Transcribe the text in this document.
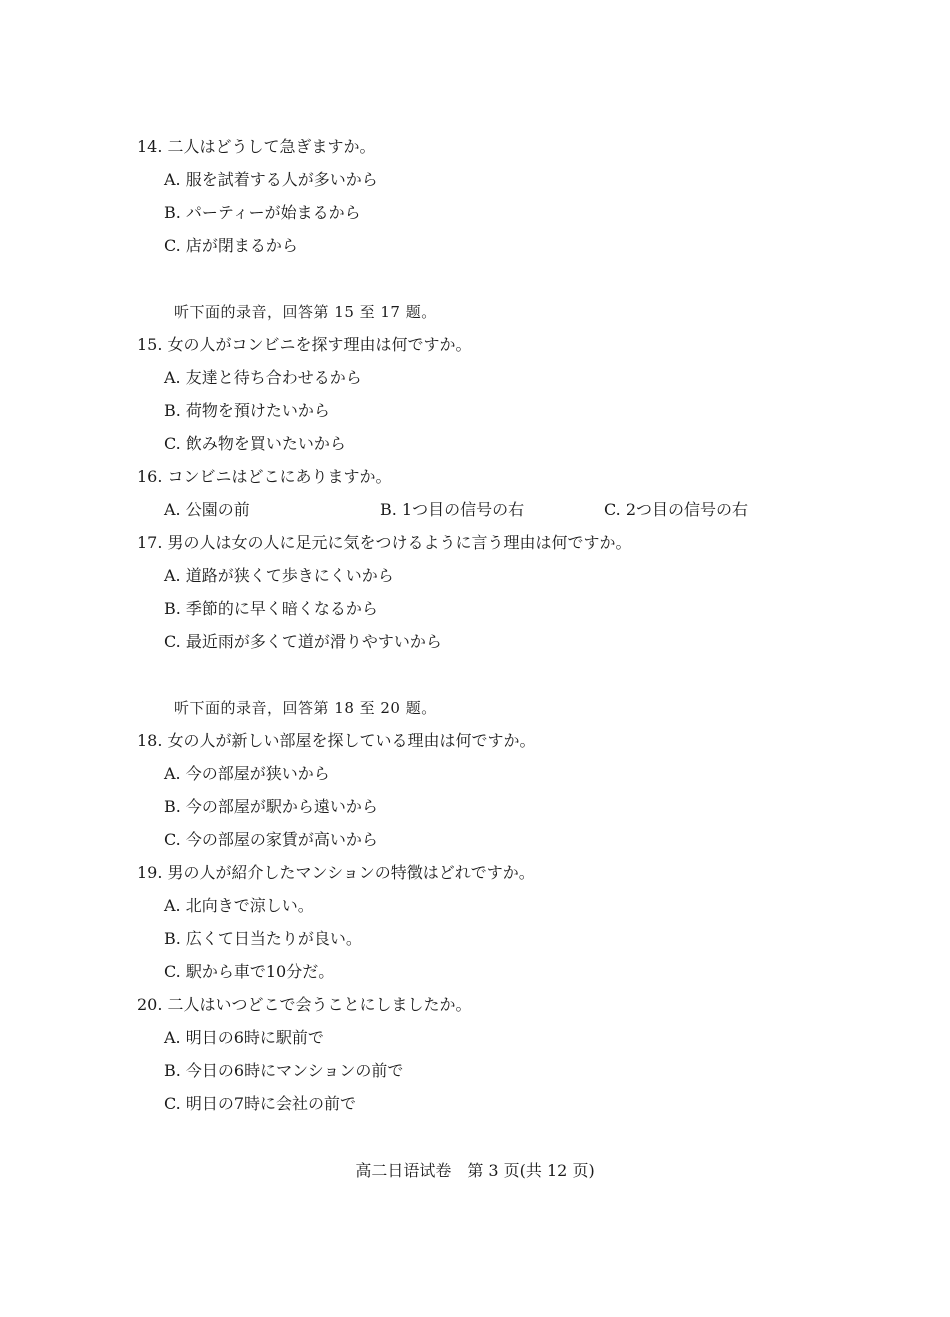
14. 二人はどうして急ぎますか。
A. 服を試着する人が多いから
B. パーティーが始まるから
C. 店が閉まるから
听下面的录音，回答第 15 至 17 题。
15. 女の人がコンビニを探す理由は何ですか。
A. 友達と待ち合わせるから
B. 荷物を預けたいから
C. 飲み物を買いたいから
16. コンビニはどこにありますか。
A. 公園の前	B. 1つ目の信号の右	C. 2つ目の信号の右
17. 男の人は女の人に足元に気をつけるように言う理由は何ですか。
A. 道路が狭くて歩きにくいから
B. 季節的に早く暗くなるから
C. 最近雨が多くて道が滑りやすいから
听下面的录音，回答第 18 至 20 题。
18. 女の人が新しい部屋を探している理由は何ですか。
A. 今の部屋が狭いから
B. 今の部屋が駅から遠いから
C. 今の部屋の家賃が高いから
19. 男の人が紹介したマンションの特徴はどれですか。
A. 北向きで涼しい。
B. 広くて日当たりが良い。
C. 駅から車で10分だ。
20. 二人はいつどこで会うことにしましたか。
A. 明日の6時に駅前で
B. 今日の6時にマンションの前で
C. 明日の7時に会社の前で
高二日语试卷　第 3 页(共 12 页)
